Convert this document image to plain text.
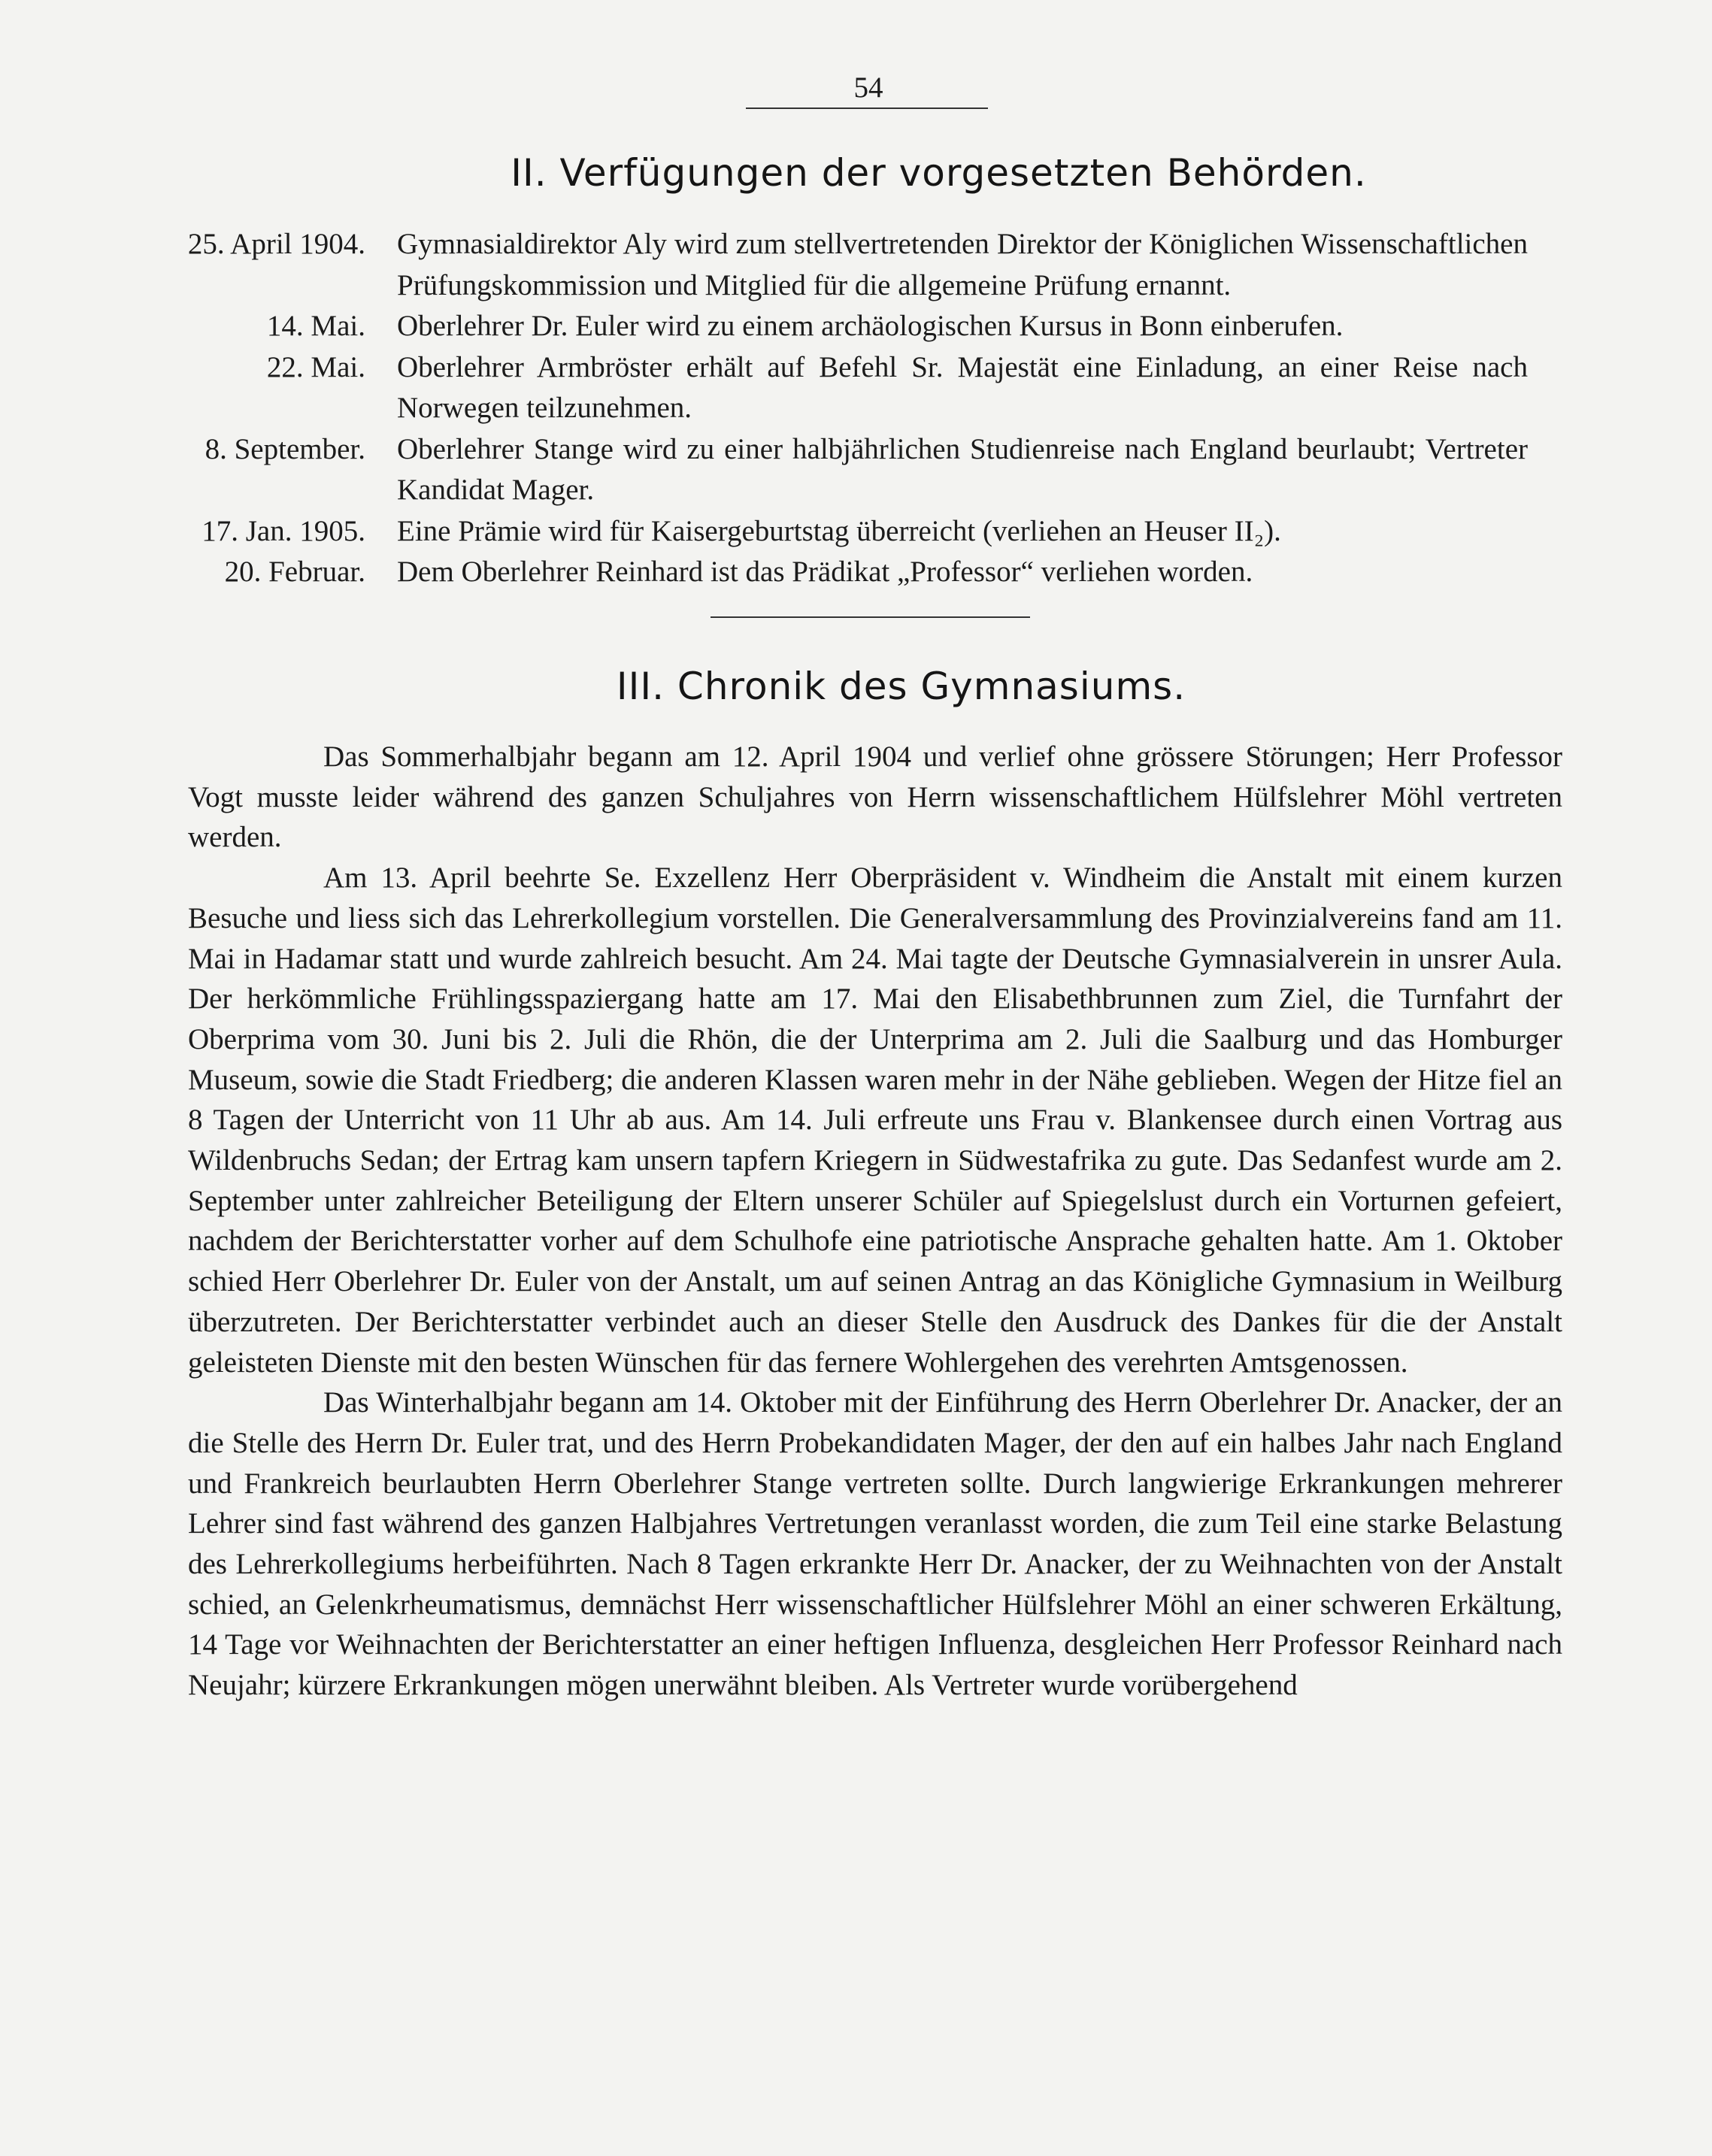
54
II. Verfügungen der vorgesetzten Behörden.
25. April 1904.	Gymnasialdirektor Aly wird zum stellvertretenden Direktor der Königlichen Wissenschaftlichen Prüfungskommission und Mitglied für die allgemeine Prüfung ernannt.
14. Mai.	Oberlehrer Dr. Euler wird zu einem archäologischen Kursus in Bonn einberufen.
22. Mai.	Oberlehrer Armbröster erhält auf Befehl Sr. Majestät eine Einladung, an einer Reise nach Norwegen teilzunehmen.
8. September.	Oberlehrer Stange wird zu einer halbjährlichen Studienreise nach England beurlaubt; Vertreter Kandidat Mager.
17. Jan. 1905.	Eine Prämie wird für Kaisergeburtstag überreicht (verliehen an Heuser II₂).
20. Februar.	Dem Oberlehrer Reinhard ist das Prädikat „Professor“ verliehen worden.
III. Chronik des Gymnasiums.

Das Sommerhalbjahr begann am 12. April 1904 und verlief ohne grössere Störungen; Herr Professor Vogt musste leider während des ganzen Schuljahres von Herrn wissenschaftlichem Hülfslehrer Möhl vertreten werden.

Am 13. April beehrte Se. Exzellenz Herr Oberpräsident v. Windheim die Anstalt mit einem kurzen Besuche und liess sich das Lehrerkollegium vorstellen. Die Generalversammlung des Provinzialvereins fand am 11. Mai in Hadamar statt und wurde zahlreich besucht. Am 24. Mai tagte der Deutsche Gymnasialverein in unsrer Aula. Der herkömmliche Frühlingsspaziergang hatte am 17. Mai den Elisabethbrunnen zum Ziel, die Turnfahrt der Oberprima vom 30. Juni bis 2. Juli die Rhön, die der Unterprima am 2. Juli die Saalburg und das Homburger Museum, sowie die Stadt Friedberg; die anderen Klassen waren mehr in der Nähe geblieben. Wegen der Hitze fiel an 8 Tagen der Unterricht von 11 Uhr ab aus. Am 14. Juli erfreute uns Frau v. Blankensee durch einen Vortrag aus Wildenbruchs Sedan; der Ertrag kam unsern tapfern Kriegern in Südwestafrika zu gute. Das Sedanfest wurde am 2. September unter zahlreicher Beteiligung der Eltern unserer Schüler auf Spiegelslust durch ein Vorturnen gefeiert, nachdem der Berichterstatter vorher auf dem Schulhofe eine patriotische Ansprache gehalten hatte. Am 1. Oktober schied Herr Oberlehrer Dr. Euler von der Anstalt, um auf seinen Antrag an das Königliche Gymnasium in Weilburg überzutreten. Der Berichterstatter verbindet auch an dieser Stelle den Ausdruck des Dankes für die der Anstalt geleisteten Dienste mit den besten Wünschen für das fernere Wohlergehen des verehrten Amtsgenossen.

Das Winterhalbjahr begann am 14. Oktober mit der Einführung des Herrn Oberlehrer Dr. Anacker, der an die Stelle des Herrn Dr. Euler trat, und des Herrn Probekandidaten Mager, der den auf ein halbes Jahr nach England und Frankreich beurlaubten Herrn Oberlehrer Stange vertreten sollte. Durch langwierige Erkrankungen mehrerer Lehrer sind fast während des ganzen Halbjahres Vertretungen veranlasst worden, die zum Teil eine starke Belastung des Lehrerkollegiums herbeiführten. Nach 8 Tagen erkrankte Herr Dr. Anacker, der zu Weihnachten von der Anstalt schied, an Gelenkrheumatismus, demnächst Herr wissenschaftlicher Hülfslehrer Möhl an einer schweren Erkältung, 14 Tage vor Weihnachten der Berichterstatter an einer heftigen Influenza, desgleichen Herr Professor Reinhard nach Neujahr; kürzere Erkrankungen mögen unerwähnt bleiben. Als Vertreter wurde vorübergehend
